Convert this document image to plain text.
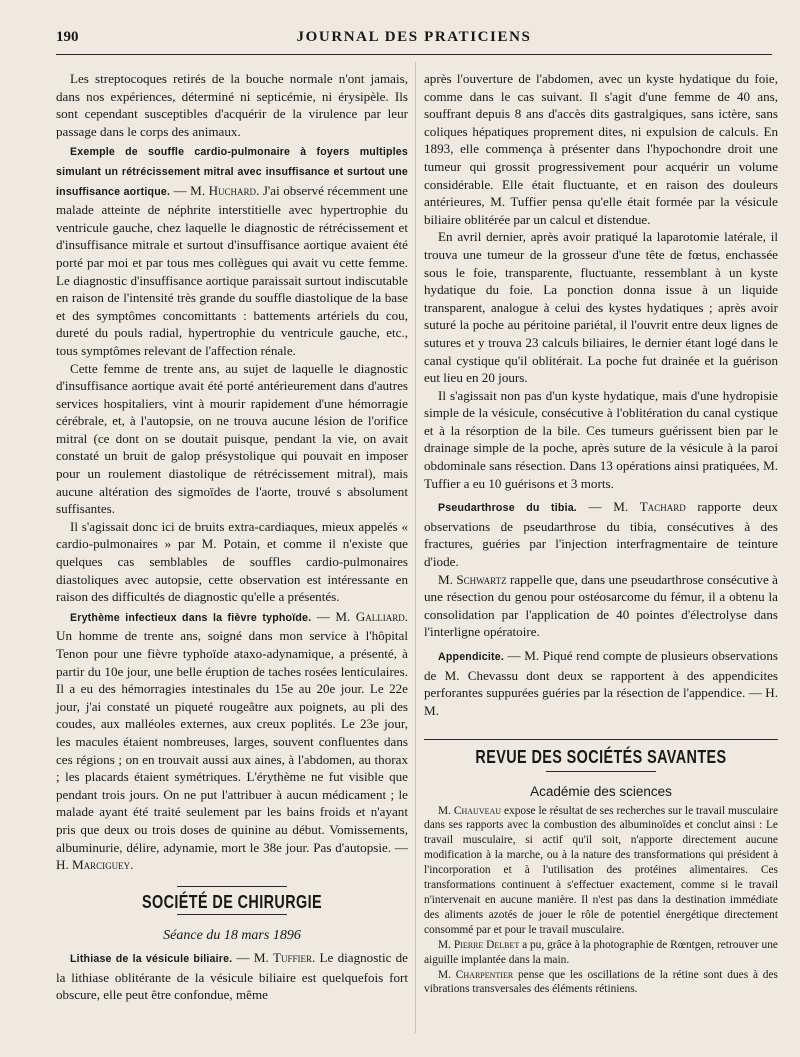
190	JOURNAL DES PRATICIENS

Les streptocoques retirés de la bouche normale n'ont jamais, dans nos expériences, déterminé ni septicémie, ni érysipèle. Ils sont cependant susceptibles d'acquérir de la virulence par leur passage dans le corps des animaux.

Exemple de souffle cardio-pulmonaire à foyers multiples simulant un rétrécissement mitral avec insuffisance et surtout une insuffisance aortique. — M. Huchard. J'ai observé récemment une malade atteinte de néphrite interstitielle avec hypertrophie du ventricule gauche, chez laquelle le diagnostic de rétrécissement et d'insuffisance mitrale et surtout d'insuffisance aortique avaient été porté par moi et par tous mes collègues qui avait vu cette femme. Le diagnostic d'insuffisance aortique paraissait surtout indiscutable en raison de l'intensité très grande du souffle diastolique de la base et des symptômes concomittants : battements artériels du cou, dureté du pouls radial, hypertrophie du ventricule gauche, etc., tous symptômes relevant de l'affection rénale.

Cette femme de trente ans, au sujet de laquelle le diagnostic d'insuffisance aortique avait été porté antérieurement dans d'autres services hospitaliers, vint à mourir rapidement d'une hémorragie cérébrale, et, à l'autopsie, on ne trouva aucune lésion de l'orifice mitral (ce dont on se doutait puisque, pendant la vie, on avait constaté un bruit de galop présystolique qui pouvait en imposer pour un roulement diastolique de rétrécissement mitral), mais aucune altération des sigmoïdes de l'aorte, trouvé s absolument suffisantes.

Il s'agissait donc ici de bruits extra-cardiaques, mieux appelés « cardio-pulmonaires » par M. Potain, et comme il n'existe que quelques cas semblables de souffles cardio-pulmonaires diastoliques avec autopsie, cette observation est intéressante en raison des difficultés de diagnostic qu'elle a présentés.

Erythème infectieux dans la fièvre typhoïde. — M. Galliard. Un homme de trente ans, soigné dans mon service à l'hôpital Tenon pour une fièvre typhoïde ataxo-adynamique, a présenté, à partir du 10e jour, une belle éruption de taches rosées lenticulaires. Il a eu des hémorragies intestinales du 15e au 20e jour. Le 22e jour, j'ai constaté un piqueté rougeâtre aux poignets, au pli des coudes, aux malléoles externes, aux creux poplités. Le 23e jour, les macules étaient nombreuses, larges, souvent confluentes dans ces régions ; on en trouvait aussi aux aines, à l'abdomen, au thorax ; les placards étaient symétriques. L'érythème ne fut visible que pendant trois jours. On ne put l'attribuer à aucun médicament ; le malade ayant été traité seulement par les bains froids et n'ayant pris que deux ou trois doses de quinine au début. Vomissements, albuminurie, délire, adynamie, mort le 38e jour. Pas d'autopsie. — H. Marciguey.

SOCIÉTÉ DE CHIRURGIE
Séance du 18 mars 1896

Lithiase de la vésicule biliaire. — M. Tuffier. Le diagnostic de la lithiase oblitérante de la vésicule biliaire est quelquefois fort obscure, elle peut être confondue, même

après l'ouverture de l'abdomen, avec un kyste hydatique du foie, comme dans le cas suivant. Il s'agit d'une femme de 40 ans, souffrant depuis 8 ans d'accès dits gastralgiques, sans ictère, sans coliques hépatiques proprement dites, ni expulsion de calculs. En 1893, elle commença à présenter dans l'hypochondre droit une tumeur qui grossit progressivement pour acquérir un volume considérable. Elle était fluctuante, et en raison des douleurs antérieures, M. Tuffier pensa qu'elle était formée par la vésicule biliaire oblitérée par un calcul et distendue.

En avril dernier, après avoir pratiqué la laparotomie latérale, il trouva une tumeur de la grosseur d'une tête de fœtus, enchassée sous le foie, transparente, fluctuante, ressemblant à un kyste hydatique du foie. La ponction donna issue à un liquide transparent, analogue à celui des kystes hydatiques ; après avoir suturé la poche au péritoine pariétal, il l'ouvrit entre deux lignes de sutures et y trouva 23 calculs biliaires, le dernier étant logé dans le canal cystique qu'il oblitérait. La poche fut drainée et la guérison eut lieu en 20 jours.

Il s'agissait non pas d'un kyste hydatique, mais d'une hydropisie simple de la vésicule, consécutive à l'oblitération du canal cystique et à la résorption de la bile. Ces tumeurs guérissent bien par le drainage simple de la poche, après suture de la vésicule à la paroi obdominale sans résection. Dans 13 opérations ainsi pratiquées, M. Tuffier a eu 10 guérisons et 3 morts.

Pseudarthrose du tibia. — M. Tachard rapporte deux observations de pseudarthrose du tibia, consécutives à des fractures, guéries par l'injection interfragmentaire de teinture d'iode.

M. Schwartz rappelle que, dans une pseudarthrose consécutive à une résection du genou pour ostéosarcome du fémur, il a obtenu la consolidation par l'application de 40 pointes d'électrolyse dans l'interligne opératoire.

Appendicite. — M. Piqué rend compte de plusieurs observations de M. Chevassu dont deux se rapportent à des appendicites perforantes suppurées guéries par la résection de l'appendice. — H. M.

REVUE DES SOCIÉTÉS SAVANTES
Académie des sciences

M. Chauveau expose le résultat de ses recherches sur le travail musculaire dans ses rapports avec la combustion des albuminoïdes et conclut ainsi : Le travail musculaire, si actif qu'il soit, n'apporte directement aucune modification à la marche, ou à la nature des transformations qui président à l'incorporation et à l'utilisation des protéines alimentaires. Ces transformations continuent à s'effectuer exactement, comme si le travail n'intervenait en aucune manière. Il n'est pas dans la destination immédiate des aliments azotés de jouer le rôle de potentiel énergétique directement consommé par et pour le travail musculaire.

M. Pierre Delbet a pu, grâce à la photographie de Rœntgen, retrouver une aiguille implantée dans la main.

M. Charpentier pense que les oscillations de la rétine sont dues à des vibrations transversales des éléments rétiniens.
